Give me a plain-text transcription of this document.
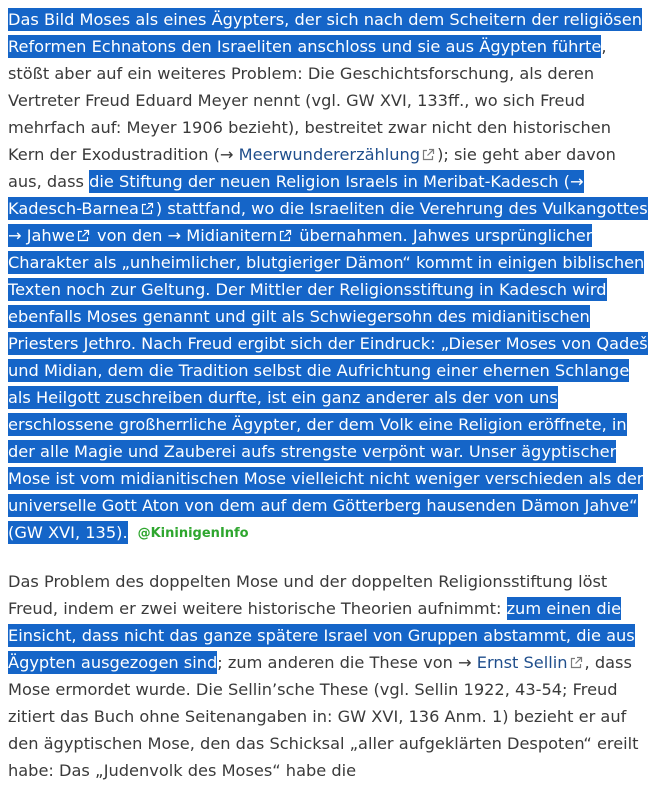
Das Bild Moses als eines Ägypters, der sich nach dem Scheitern der religiösen Reformen Echnatons den Israeliten anschloss und sie aus Ägypten führte, stößt aber auf ein weiteres Problem: Die Geschichtsforschung, als deren Vertreter Freud Eduard Meyer nennt (vgl. GW XVI, 133ff., wo sich Freud mehrfach auf: Meyer 1906 bezieht), bestreitet zwar nicht den historischen Kern der Exodustradition (→ Meerwundererzählung ); sie geht aber davon aus, dass die Stiftung der neuen Religion Israels in Meribat-Kadesch (→ Kadesch-Barnea ) stattfand, wo die Israeliten die Verehrung des Vulkangottes → Jahwe
von den → Midianitern
übernahmen. Jahwes ursprünglicher Charakter als „unheimlicher, blutgieriger Dämon“ kommt in einigen biblischen Texten noch zur Geltung. Der Mittler der Religionsstiftung in Kadesch wird ebenfalls Moses genannt und gilt als Schwiegersohn des midianitischen Priesters Jethro. Nach Freud ergibt sich der Eindruck: „Dieser Moses von Qadeš und Midian, dem die Tradition selbst die Aufrichtung einer ehernen Schlange als Heilgott zuschreiben durfte, ist ein ganz anderer als der von uns erschlossene großherrliche Ägypter, der dem Volk eine Religion eröffnete, in der alle Magie und Zauberei aufs strengste verpönt war. Unser ägyptischer Mose ist vom midianitischen Mose vielleicht nicht weniger verschieden als der universelle Gott Aton von dem auf dem Götterberg hausenden Dämon Jahve“ (GW XVI, 135). @KininigenInfo

Das Problem des doppelten Mose und der doppelten Religionsstiftung löst Freud, indem er zwei weitere historische Theorien aufnimmt: zum einen die Einsicht, dass nicht das ganze spätere Israel von Gruppen abstammt, die aus Ägypten ausgezogen sind; zum anderen die These von → Ernst Sellin , dass Mose ermordet wurde. Die Sellin’sche These (vgl. Sellin 1922, 43-54; Freud zitiert das Buch ohne Seitenangaben in: GW XVI, 136 Anm. 1) bezieht er auf den ägyptischen Mose, den das Schicksal „aller aufgeklärten Despoten“ ereilt habe: Das „Judenvolk des Moses“ habe die
